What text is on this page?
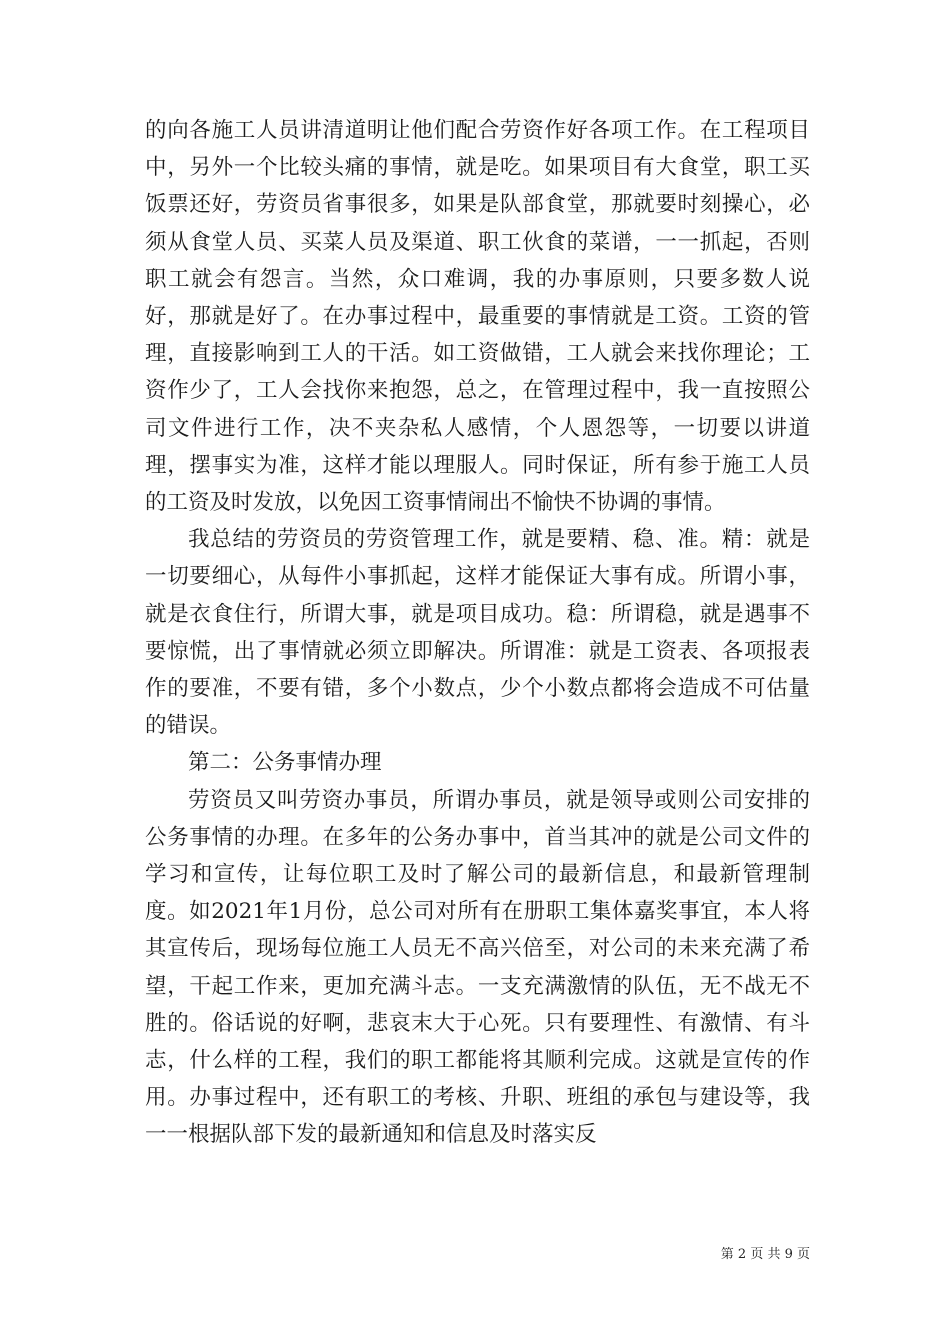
的向各施工人员讲清道明让他们配合劳资作好各项工作。在工程项目中，另外一个比较头痛的事情，就是吃。如果项目有大食堂，职工买饭票还好，劳资员省事很多，如果是队部食堂，那就要时刻操心，必须从食堂人员、买菜人员及渠道、职工伙食的菜谱，一一抓起，否则职工就会有怨言。当然，众口难调，我的办事原则，只要多数人说好，那就是好了。在办事过程中，最重要的事情就是工资。工资的管理，直接影响到工人的干活。如工资做错，工人就会来找你理论；工资作少了，工人会找你来抱怨，总之，在管理过程中，我一直按照公司文件进行工作，决不夹杂私人感情，个人恩怨等，一切要以讲道理，摆事实为准，这样才能以理服人。同时保证，所有参于施工人员的工资及时发放，以免因工资事情闹出不愉快不协调的事情。

我总结的劳资员的劳资管理工作，就是要精、稳、准。精：就是一切要细心，从每件小事抓起，这样才能保证大事有成。所谓小事，就是衣食住行，所谓大事，就是项目成功。稳：所谓稳，就是遇事不要惊慌，出了事情就必须立即解决。所谓准：就是工资表、各项报表作的要准，不要有错，多个小数点，少个小数点都将会造成不可估量的错误。

第二：公务事情办理

劳资员又叫劳资办事员，所谓办事员，就是领导或则公司安排的公务事情的办理。在多年的公务办事中，首当其冲的就是公司文件的学习和宣传，让每位职工及时了解公司的最新信息，和最新管理制度。如2021年1月份，总公司对所有在册职工集体嘉奖事宜，本人将其宣传后，现场每位施工人员无不高兴倍至，对公司的未来充满了希望，干起工作来，更加充满斗志。一支充满激情的队伍，无不战无不胜的。俗话说的好啊，悲哀末大于心死。只有要理性、有激情、有斗志，什么样的工程，我们的职工都能将其顺利完成。这就是宣传的作用。办事过程中，还有职工的考核、升职、班组的承包与建设等，我一一根据队部下发的最新通知和信息及时落实反

第 2 页 共 9 页
